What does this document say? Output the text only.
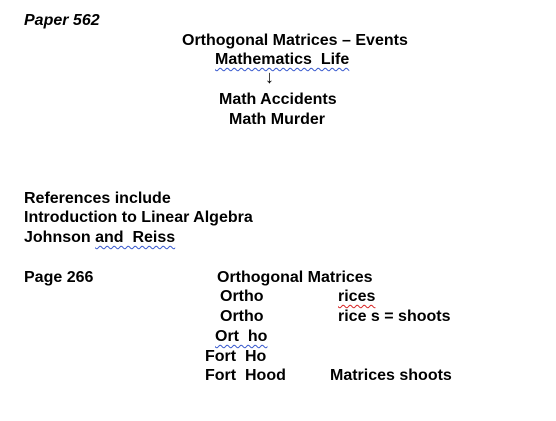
Paper 562
Orthogonal Matrices – Events
Mathematics  Life
↓
Math Accidents
Math Murder
References include
Introduction to Linear Algebra
Johnson and  Reiss
Page 266	Orthogonal Matrices
Ortho	rices
Ortho	rice s = shoots
Ort  ho
Fort  Ho
Fort  Hood	Matrices shoots
